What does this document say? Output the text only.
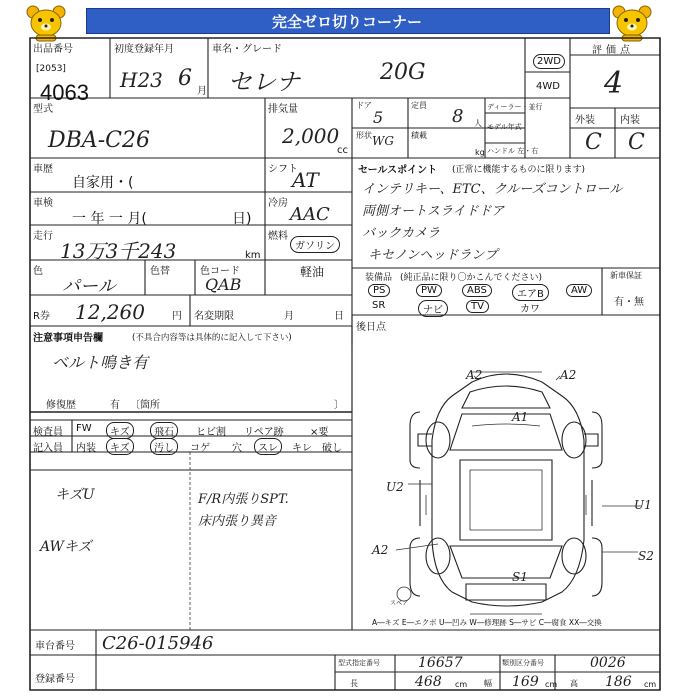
完全ゼロ切りコーナー
出品番号
[2053]
4063
初度登録年月
H23 6
月
車名・グレード
セレナ	20G	2WD
4WD
評価点
4
型式
DBA-C26
排気量
2,000
cc
ドア
5
定員
8 人
ディーラー・並行
形状 WG 積載
kg
モデル年式
ハンドル 左・右
外装	内装
C C
車歴
自家用・(
シフト
AT
車検
一 年 一 月(	日)
冷房
AAC
走行
13万3千243	km
燃料
ガソリン
軽油
色
パール
色替	色コード
QAB
R券 12,260	円 名変期限	月	日
注意事項申告欄	(不具合内容等は具体的に記入して下さい)
ベルト鳴き有
修復歴	有 〔箇所	〕
セールスポイント (正常に機能するものに限ります)
インテリキー、ETC、クルーズコントロール
両側オートスライドドア
バックカメラ
キセノンヘッドランプ
装備品 (純正品に限り〇かこんでください)	新車保証
有・無
PS	PW	ABS	エアB	AW
SR	ナビ	TV	カワ
後日点
検査員 FW	キズ	飛石	ヒビ割 リペア跡	×要
記入員 内装	キズ	汚し	コゲ 穴	スレ	キレ 破し
キズU
AWキズ
F/R内張りSPT.
床内張り異音
A2	A2
A1
U2
U1
A2	S2
S1
スペア
A―キズ E―エクボ U―凹み W―修理跡 S―サビ C―腐食 XX―交換
車台番号 C26-015946
登録番号
型式指定番号	16657	類別区分番号	0026
長	468 cm 幅 169 cm 高 186 cm
